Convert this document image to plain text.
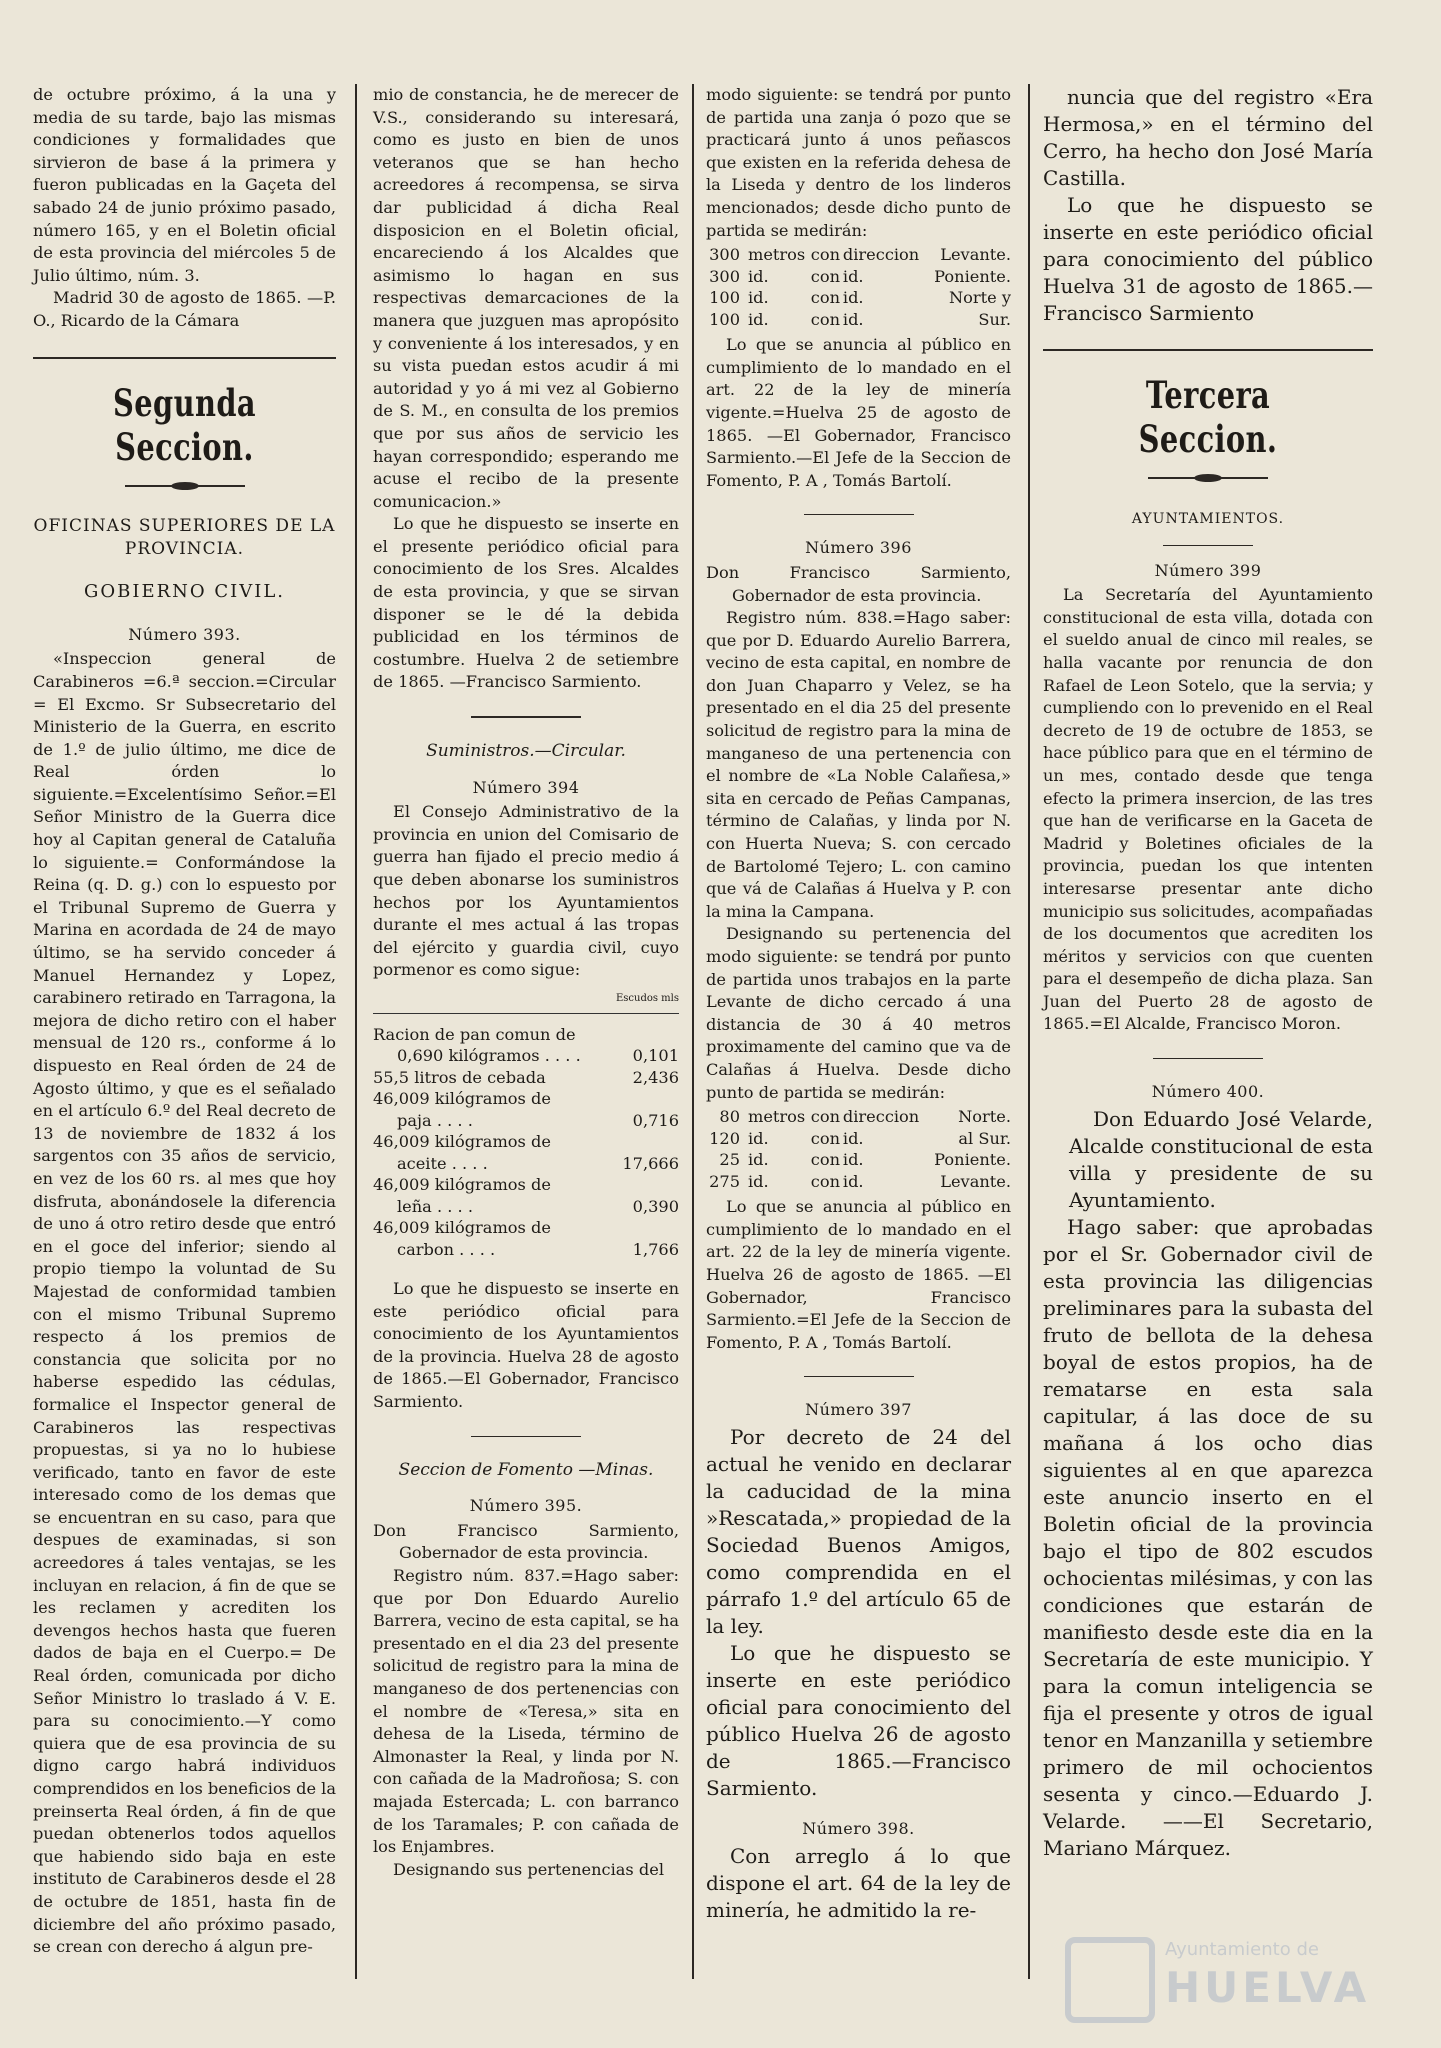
de octubre próximo, á la una y media de su tarde, bajo las mismas condiciones y formalidades que sirvieron de base á la primera y fueron publicadas en la Gaçeta del sabado 24 de junio próximo pasado, número 165, y en el Boletin oficial de esta provincia del miércoles 5 de Julio último, núm. 3.

Madrid 30 de agosto de 1865. —P. O., Ricardo de la Cámara

Segunda Seccion.
OFICINAS SUPERIORES DE LA PROVINCIA.
GOBIERNO CIVIL.
Número 393.

«Inspeccion general de Carabineros =6.ª seccion.=Circular = El Excmo. Sr Subsecretario del Ministerio de la Guerra, en escrito de 1.º de julio último, me dice de Real órden lo siguiente.=Excelentísimo Señor.=El Señor Ministro de la Guerra dice hoy al Capitan general de Cataluña lo siguiente.= Conformándose la Reina (q. D. g.) con lo espuesto por el Tribunal Supremo de Guerra y Marina en acordada de 24 de mayo último, se ha servido conceder á Manuel Hernandez y Lopez, carabinero retirado en Tarragona, la mejora de dicho retiro con el haber mensual de 120 rs., conforme á lo dispuesto en Real órden de 24 de Agosto último, y que es el señalado en el artículo 6.º del Real decreto de 13 de noviembre de 1832 á los sargentos con 35 años de servicio, en vez de los 60 rs. al mes que hoy disfruta, abonándosele la diferencia de uno á otro retiro desde que entró en el goce del inferior; siendo al propio tiempo la voluntad de Su Majestad de conformidad tambien con el mismo Tribunal Supremo respecto á los premios de constancia que solicita por no haberse espedido las cédulas, formalice el Inspector general de Carabineros las respectivas propuestas, si ya no lo hubiese verificado, tanto en favor de este interesado como de los demas que se encuentran en su caso, para que despues de examinadas, si son acreedores á tales ventajas, se les incluyan en relacion, á fin de que se les reclamen y acrediten los devengos hechos hasta que fueren dados de baja en el Cuerpo.= De Real órden, comunicada por dicho Señor Ministro lo traslado á V. E. para su conocimiento.—Y como quiera que de esa provincia de su digno cargo habrá individuos comprendidos en los beneficios de la preinserta Real órden, á fin de que puedan obtenerlos todos aquellos que habiendo sido baja en este instituto de Carabineros desde el 28 de octubre de 1851, hasta fin de diciembre del año próximo pasado, se crean con derecho á algun pre-

mio de constancia, he de merecer de V.S., considerando su interesará, como es justo en bien de unos veteranos que se han hecho acreedores á recompensa, se sirva dar publicidad á dicha Real disposicion en el Boletin oficial, encareciendo á los Alcaldes que asimismo lo hagan en sus respectivas demarcaciones de la manera que juzguen mas apropósito y conveniente á los interesados, y en su vista puedan estos acudir á mi autoridad y yo á mi vez al Gobierno de S. M., en consulta de los premios que por sus años de servicio les hayan correspondido; esperando me acuse el recibo de la presente comunicacion.»

Lo que he dispuesto se inserte en el presente periódico oficial para conocimiento de los Sres. Alcaldes de esta provincia, y que se sirvan disponer se le dé la debida publicidad en los términos de costumbre. Huelva 2 de setiembre de 1865. —Francisco Sarmiento.

Suministros.—Circular.
Número 394

El Consejo Administrativo de la provincia en union del Comisario de guerra han fijado el precio medio á que deben abonarse los suministros hechos por los Ayuntamientos durante el mes actual á las tropas del ejército y guardia civil, cuyo pormenor es como sigue:

Escudos mls
Racion de pan comun de	
0,690 kilógramos . . . .	0,101
55,5 litros de cebada	2,436
46,009 kilógramos de	
paja . . . .	0,716
46,009 kilógramos de	
aceite . . . .	17,666
46,009 kilógramos de	
leña . . . .	0,390
46,009 kilógramos de	
carbon . . . .	1,766

Lo que he dispuesto se inserte en este periódico oficial para conocimiento de los Ayuntamientos de la provincia. Huelva 28 de agosto de 1865.—El Gobernador, Francisco Sarmiento.

Seccion de Fomento —Minas.
Número 395.

Don Francisco Sarmiento, Gobernador de esta provincia.

Registro núm. 837.=Hago saber: que por Don Eduardo Aurelio Barrera, vecino de esta capital, se ha presentado en el dia 23 del presente solicitud de registro para la mina de manganeso de dos pertenencias con el nombre de «Teresa,» sita en dehesa de la Liseda, término de Almonaster la Real, y linda por N. con cañada de la Madroñosa; S. con majada Estercada; L. con barranco de los Taramales; P. con cañada de los Enjambres.

Designando sus pertenencias del

modo siguiente: se tendrá por punto de partida una zanja ó pozo que se practicará junto á unos peñascos que existen en la referida dehesa de la Liseda y dentro de los linderos mencionados; desde dicho punto de partida se medirán:

300	metros	con	direccion	Levante.
300	id.	con	id.	Poniente.
100	id.	con	id.	Norte y
100	id.	con	id.	Sur.

Lo que se anuncia al público en cumplimiento de lo mandado en el art. 22 de la ley de minería vigente.=Huelva 25 de agosto de 1865. —El Gobernador, Francisco Sarmiento.—El Jefe de la Seccion de Fomento, P. A , Tomás Bartolí.

Número 396

Don Francisco Sarmiento, Gobernador de esta provincia.

Registro núm. 838.=Hago saber: que por D. Eduardo Aurelio Barrera, vecino de esta capital, en nombre de don Juan Chaparro y Velez, se ha presentado en el dia 25 del presente solicitud de registro para la mina de manganeso de una pertenencia con el nombre de «La Noble Calañesa,» sita en cercado de Peñas Campanas, término de Calañas, y linda por N. con Huerta Nueva; S. con cercado de Bartolomé Tejero; L. con camino que vá de Calañas á Huelva y P. con la mina la Campana.

Designando su pertenencia del modo siguiente: se tendrá por punto de partida unos trabajos en la parte Levante de dicho cercado á una distancia de 30 á 40 metros proximamente del camino que va de Calañas á Huelva. Desde dicho punto de partida se medirán:

80	metros	con	direccion	Norte.
120	id.	con	id.	al Sur.
25	id.	con	id.	Poniente.
275	id.	con	id.	Levante.

Lo que se anuncia al público en cumplimiento de lo mandado en el art. 22 de la ley de minería vigente. Huelva 26 de agosto de 1865. —El Gobernador, Francisco Sarmiento.=El Jefe de la Seccion de Fomento, P. A , Tomás Bartolí.

Número 397

Por decreto de 24 del actual he venido en declarar la caducidad de la mina »Rescatada,» propiedad de la Sociedad Buenos Amigos, como comprendida en el párrafo 1.º del artículo 65 de la ley.

Lo que he dispuesto se inserte en este periódico oficial para conocimiento del público Huelva 26 de agosto de 1865.—Francisco Sarmiento.

Número 398.

Con arreglo á lo que dispone el art. 64 de la ley de minería, he admitido la re-

nuncia que del registro «Era Hermosa,» en el término del Cerro, ha hecho don José María Castilla.

Lo que he dispuesto se inserte en este periódico oficial para conocimiento del público Huelva 31 de agosto de 1865.—Francisco Sarmiento

Tercera Seccion.
AYUNTAMIENTOS.
Número 399

La Secretaría del Ayuntamiento constitucional de esta villa, dotada con el sueldo anual de cinco mil reales, se halla vacante por renuncia de don Rafael de Leon Sotelo, que la servia; y cumpliendo con lo prevenido en el Real decreto de 19 de octubre de 1853, se hace público para que en el término de un mes, contado desde que tenga efecto la primera insercion, de las tres que han de verificarse en la Gaceta de Madrid y Boletines oficiales de la provincia, puedan los que intenten interesarse presentar ante dicho municipio sus solicitudes, acompañadas de los documentos que acrediten los méritos y servicios con que cuenten para el desempeño de dicha plaza. San Juan del Puerto 28 de agosto de 1865.=El Alcalde, Francisco Moron.

Número 400.

Don Eduardo José Velarde, Alcalde constitucional de esta villa y presidente de su Ayuntamiento.

Hago saber: que aprobadas por el Sr. Gobernador civil de esta provincia las diligencias preliminares para la subasta del fruto de bellota de la dehesa boyal de estos propios, ha de rematarse en esta sala capitular, á las doce de su mañana á los ocho dias siguientes al en que aparezca este anuncio inserto en el Boletin oficial de la provincia bajo el tipo de 802 escudos ochocientas milésimas, y con las condiciones que estarán de manifiesto desde este dia en la Secretaría de este municipio. Y para la comun inteligencia se fija el presente y otros de igual tenor en Manzanilla y setiembre primero de mil ochocientos sesenta y cinco.—Eduardo J. Velarde. ——El Secretario, Mariano Márquez.

Ayuntamiento de
HUELVA
